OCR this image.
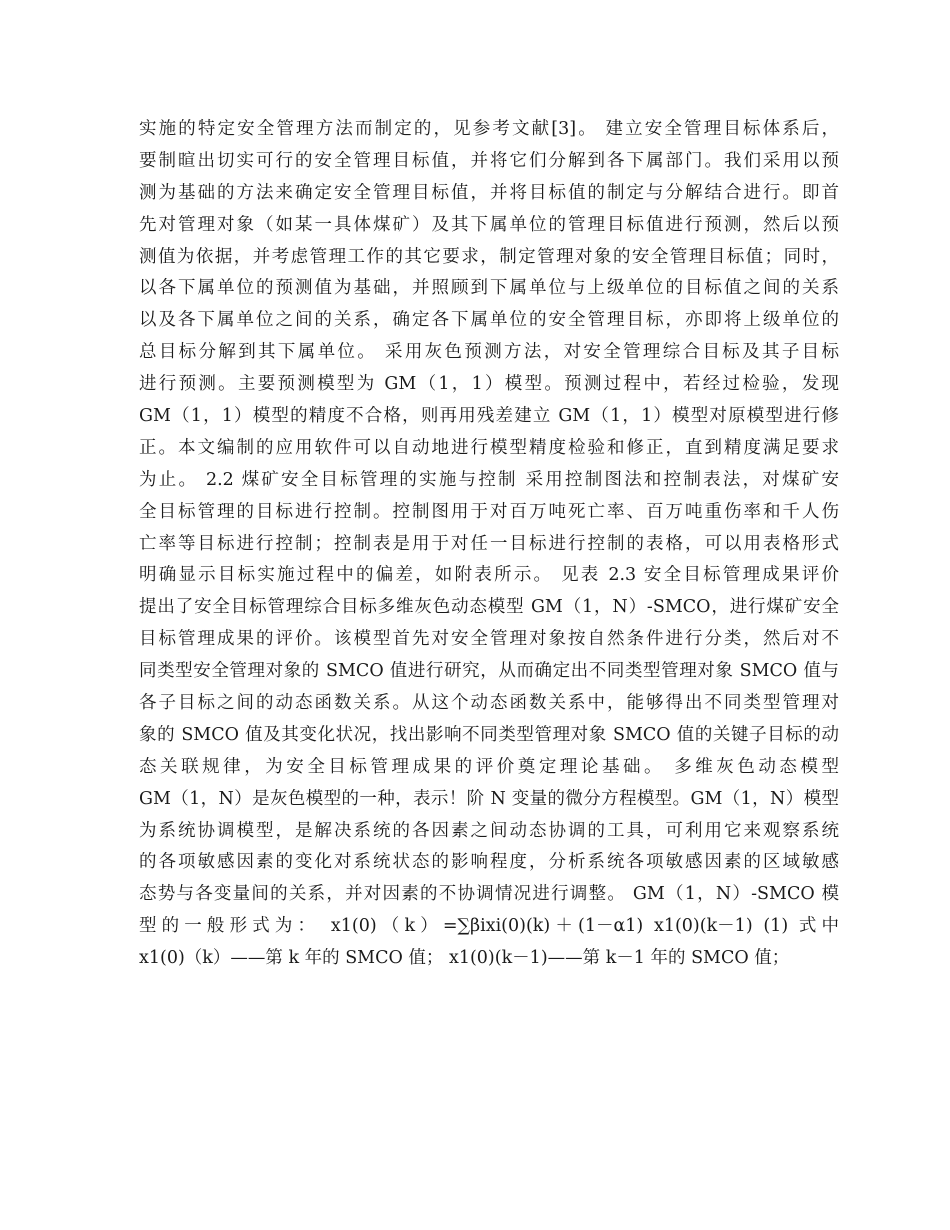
实施的特定安全管理方法而制定的，见参考文献[3]。 建立安全管理目标体系后，
要制暄出切实可行的安全管理目标值，并将它们分解到各下属部门。我们采用以预
测为基础的方法来确定安全管理目标值，并将目标值的制定与分解结合进行。即首
先对管理对象（如某一具体煤矿）及其下属单位的管理目标值进行预测，然后以预
测值为依据，并考虑管理工作的其它要求，制定管理对象的安全管理目标值；同时，
以各下属单位的预测值为基础，并照顾到下属单位与上级单位的目标值之间的关系
以及各下属单位之间的关系，确定各下属单位的安全管理目标，亦即将上级单位的
总目标分解到其下属单位。 采用灰色预测方法，对安全管理综合目标及其子目标
进行预测。主要预测模型为 GM（1，1）模型。预测过程中，若经过检验，发现
GM（1，1）模型的精度不合格，则再用残差建立 GM（1，1）模型对原模型进行修
正。本文编制的应用软件可以自动地进行模型精度检验和修正，直到精度满足要求
为止。 2.2 煤矿安全目标管理的实施与控制 采用控制图法和控制表法，对煤矿安
全目标管理的目标进行控制。控制图用于对百万吨死亡率、百万吨重伤率和千人伤
亡率等目标进行控制；控制表是用于对任一目标进行控制的表格，可以用表格形式
明确显示目标实施过程中的偏差，如附表所示。 见表 2.3 安全目标管理成果评价
提出了安全目标管理综合目标多维灰色动态模型 GM（1，N）-SMCO，进行煤矿安全
目标管理成果的评价。该模型首先对安全管理对象按自然条件进行分类，然后对不
同类型安全管理对象的 SMCO 值进行研究，从而确定出不同类型管理对象 SMCO 值与
各子目标之间的动态函数关系。从这个动态函数关系中，能够得出不同类型管理对
象的 SMCO 值及其变化状况，找出影响不同类型管理对象 SMCO 值的关键子目标的动
态关联规律，为安全目标管理成果的评价奠定理论基础。 多维灰色动态模型
GM（1，N）是灰色模型的一种，表示！阶 N 变量的微分方程模型。GM（1，N）模型
为系统协调模型，是解决系统的各因素之间动态协调的工具，可利用它来观察系统
的各项敏感因素的变化对系统状态的影响程度，分析系统各项敏感因素的区域敏感
态势与各变量间的关系，并对因素的不协调情况进行调整。 GM（1，N）-SMCO 模
型的一般形式为： x1(0)（k）=∑βixi(0)(k)＋(1－α1) x1(0)(k－1) (1) 式中
x1(0)（k）——第 k 年的 SMCO 值； x1(0)(k－1)——第 k－1 年的 SMCO 值；
